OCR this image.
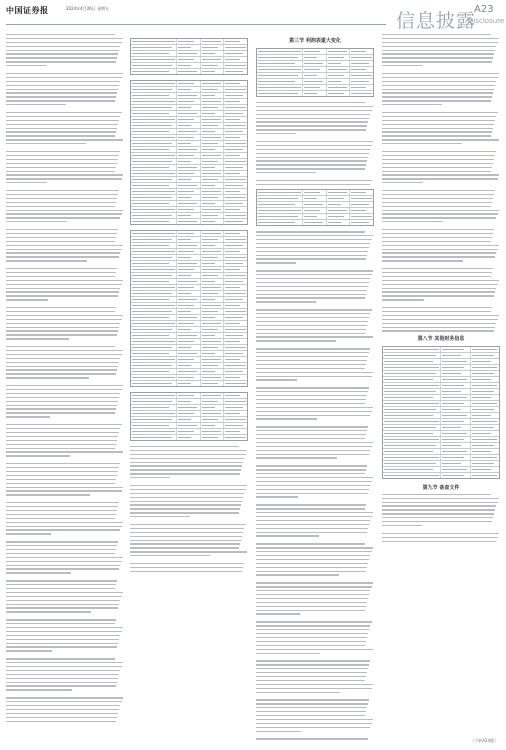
中国证券报	2024年4月26日 星期五
信息披露
A23
Disclosure
第三节 利润表重大变化
第八节 其他财务信息
第九节 备查文件
（下转A24版）
